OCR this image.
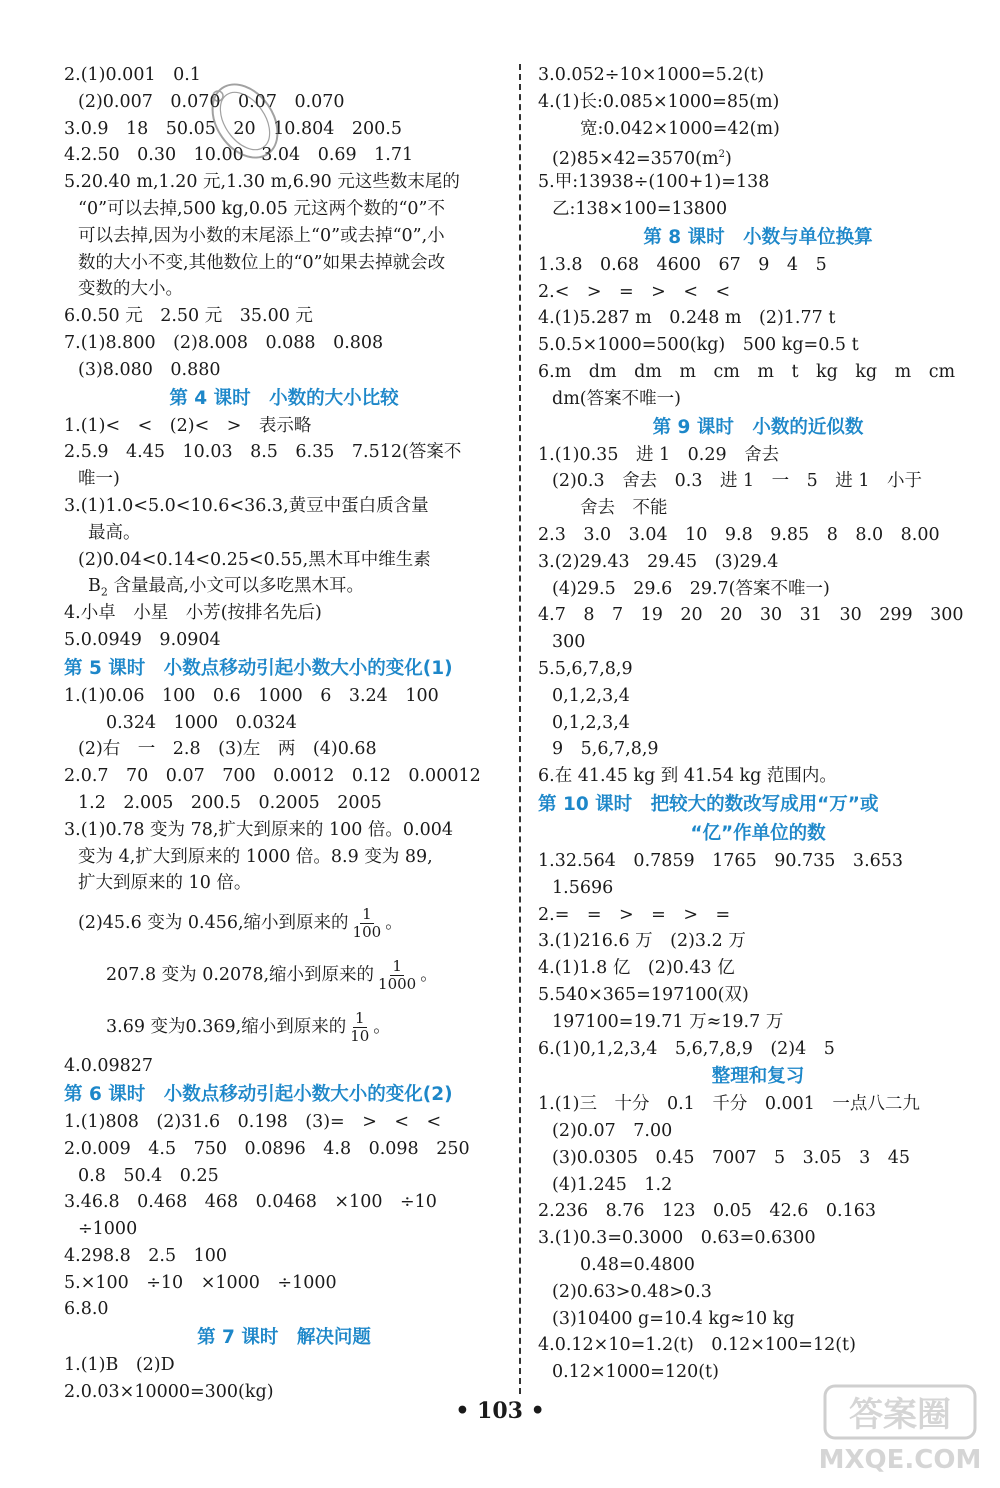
2.(1)0.001　0.1
(2)0.007　0.070　0.07　0.070
3.0.9　18　50.05　20　10.804　200.5
4.2.50　0.30　10.00　3.04　0.69　1.71
5.20.40 m,1.20 元,1.30 m,6.90 元这些数末尾的
“0”可以去掉,500 kg,0.05 元这两个数的“0”不
可以去掉,因为小数的末尾添上“0”或去掉“0”,小
数的大小不变,其他数位上的“0”如果去掉就会改
变数的大小。
6.0.50 元　2.50 元　35.00 元
7.(1)8.800　(2)8.008　0.088　0.808
(3)8.080　0.880
第 4 课时　小数的大小比较
1.(1)<　<　(2)<　>　表示略
2.5.9　4.45　10.03　8.5　6.35　7.512(答案不
唯一)
3.(1)1.0<5.0<10.6<36.3,黄豆中蛋白质含量
最高。
(2)0.04<0.14<0.25<0.55,黑木耳中维生素
$B_2$ 含量最高,小文可以多吃黑木耳。
4.小卓　小星　小芳(按排名先后)
5.0.0949　9.0904
第 5 课时　小数点移动引起小数大小的变化(1)
1.(1)0.06　100　0.6　1000　6　3.24　100
0.324　1000　0.0324
(2)右　一　2.8　(3)左　两　(4)0.68
2.0.7　70　0.07　700　0.0012　0.12　0.00012
1.2　2.005　200.5　0.2005　2005
3.(1)0.78 变为 78,扩大到原来的 100 倍。0.004
变为 4,扩大到原来的 1000 倍。8.9 变为 89,
扩大到原来的 10 倍。
(2)45.6 变为 0.456,缩小到原来的 $\frac{1}{100}$ 。
207.8 变为 0.2078,缩小到原来的 $\frac{1}{1000}$ 。
3.69 变为0.369,缩小到原来的 $\frac{1}{10}$ 。
4.0.09827
第 6 课时　小数点移动引起小数大小的变化(2)
1.(1)808　(2)31.6　0.198　(3)=　>　<　<
2.0.009　4.5　750　0.0896　4.8　0.098　250
0.8　50.4　0.25
3.46.8　0.468　468　0.0468　×100　÷10
÷1000
4.298.8　2.5　100
5.×100　÷10　×1000　÷1000
6.8.0
第 7 课时　解决问题
1.(1)B　(2)D
2.0.03×10000=300(kg)
3.0.052÷10×1000=5.2(t)
4.(1)长:0.085×1000=85(m)
宽:0.042×1000=42(m)
$(2)85\times 42=3570(m^2)$
5.甲:13938÷(100+1)=138
乙:138×100=13800
第 8 课时　小数与单位换算
1.3.8　0.68　4600　67　9　4　5
2.<　>　=　>　<　<
4.(1)5.287 m　0.248 m　(2)1.77 t
5.0.5×1000=500(kg)　500 kg=0.5 t
6.m　dm　dm　m　cm　m　t　kg　kg　m　cm
dm(答案不唯一)
第 9 课时　小数的近似数
1.(1)0.35　进 1　0.29　舍去
(2)0.3　舍去　0.3　进 1　一　5　进 1　小于
舍去　不能
2.3　3.0　3.04　10　9.8　9.85　8　8.0　8.00
3.(2)29.43　29.45　(3)29.4
(4)29.5　29.6　29.7(答案不唯一)
4.7　8　7　19　20　20　30　31　30　299　300
300
5.5,6,7,8,9
0,1,2,3,4
0,1,2,3,4
9　5,6,7,8,9
6.在 41.45 kg 到 41.54 kg 范围内。
第 10 课时　把较大的数改写成用“万”或
“亿”作单位的数
1.32.564　0.7859　1765　90.735　3.653
1.5696
2.=　=　>　=　>　=
3.(1)216.6 万　(2)3.2 万
4.(1)1.8 亿　(2)0.43 亿
5.540×365=197100(双)
197100=19.71 万≈19.7 万
6.(1)0,1,2,3,4　5,6,7,8,9　(2)4　5
整理和复习
1.(1)三　十分　0.1　千分　0.001　一点八二九
(2)0.07　7.00
(3)0.0305　0.45　7007　5　3.05　3　45
(4)1.245　1.2
2.236　8.76　123　0.05　42.6　0.163
3.(1)0.3=0.3000　0.63=0.6300
0.48=0.4800
(2)0.63>0.48>0.3
(3)10400 g=10.4 kg≈10 kg
4.0.12×10=1.2(t)　0.12×100=12(t)
0.12×1000=120(t)
答案圈
MXQE.COM
• 103 •
